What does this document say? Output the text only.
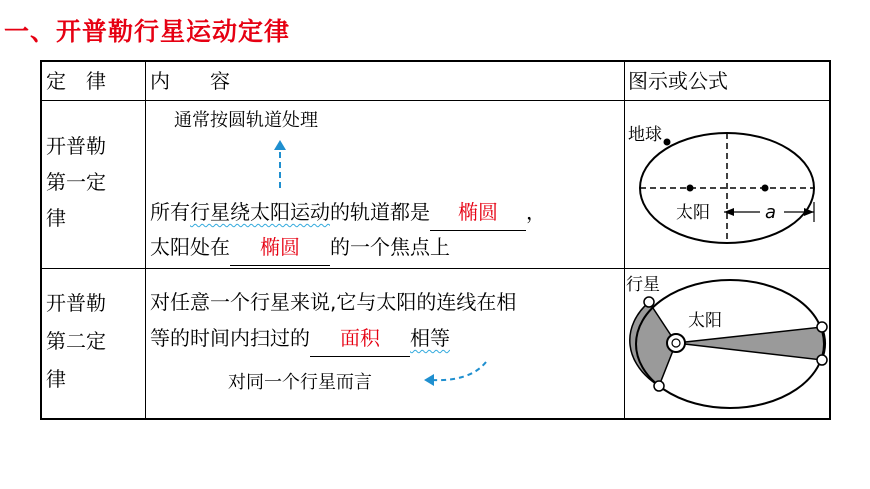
一、开普勒行星运动定律
定　律 内　　容	图示或公式
开普勒
第一定
律
通常按圆轨道处理
所有行星绕太阳运动的轨道都是 椭圆 ，
太阳处在 椭圆 的一个焦点上
地球
太阳	a
开普勒
第二定
律
对任意一个行星来说,它与太阳的连线在相
等的时间内扫过的 面积 相等
对同一个行星而言
行星
太阳
